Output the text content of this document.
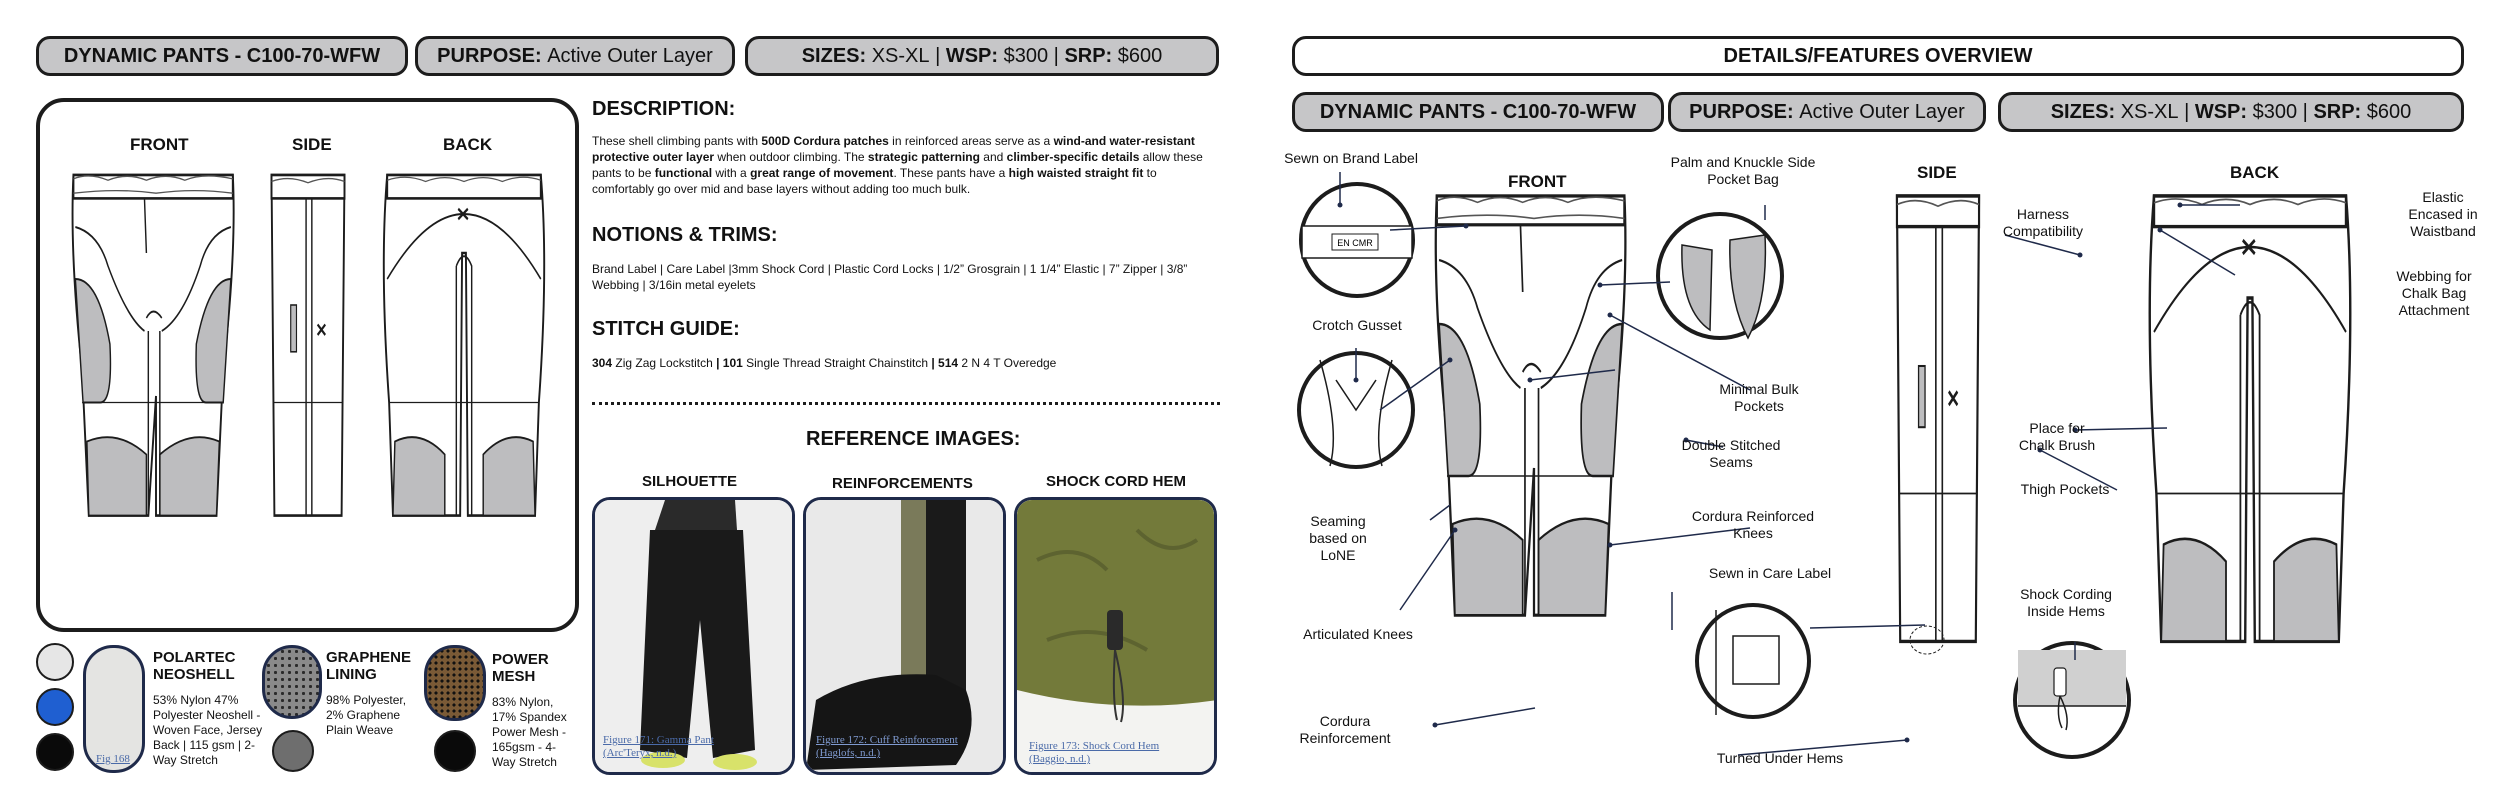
DYNAMIC PANTS - C100-70-WFW	PURPOSE:
Active Outer Layer	SIZES:
XS-XL | WSP:
$300 | SRP:
$600
FRONT	SIDE	BACK
DESCRIPTION:
These shell climbing pants with 500D Cordura patches in reinforced areas serve as a wind-and water-resistant protective outer layer when outdoor climbing. The strategic patterning and climber-specific details allow these pants to be functional with a great range of movement. These pants have a high waisted straight fit to comfortably go over mid and base layers without adding too much bulk.
NOTIONS & TRIMS:
Brand Label | Care Label |3mm Shock Cord | Plastic Cord Locks | 1/2” Grosgrain | 1 1/4” Elastic | 7” Zipper | 3/8” Webbing | 3/16in metal eyelets
STITCH GUIDE:
304 Zig Zag Lockstitch | 101 Single Thread Straight Chainstitch | 514 2 N 4 T Overedge
REFERENCE IMAGES:
SILHOUETTE	REINFORCEMENTS	SHOCK CORD HEM
Figure 171: Gamma Pant (Arc'Teryx, n.d.)
Figure 172: Cuff Reinforcement (Haglofs, n.d.)
Figure 173: Shock Cord Hem (Baggio, n.d.)
Fig 168
POLARTEC NEOSHELL
53% Nylon 47% Polyester Neoshell - Woven Face, Jersey Back | 115 gsm | 2-Way Stretch
GRAPHENE LINING
98% Polyester, 2% Graphene Plain Weave
POWER MESH
83% Nylon, 17% Spandex Power Mesh - 165gsm - 4-Way Stretch
DETAILS/FEATURES OVERVIEW
DYNAMIC PANTS - C100-70-WFW	PURPOSE:
Active Outer Layer	SIZES:
XS-XL | WSP:
$300 | SRP:
$600
FRONT	SIDE	BACK
EN CMR
Sewn on Brand Label	Palm and Knuckle Side Pocket Bag
Crotch Gusset
Minimal Bulk Pockets
Double Stitched Seams
Seaming based on LoNE
Cordura Reinforced Knees
Sewn in Care Label
Articulated Knees
Cordura Reinforcement
Turned Under Hems
Harness Compatibility
Elastic Encased in Waistband
Webbing for Chalk Bag Attachment
Place for Chalk Brush
Thigh Pockets
Shock Cording Inside Hems
